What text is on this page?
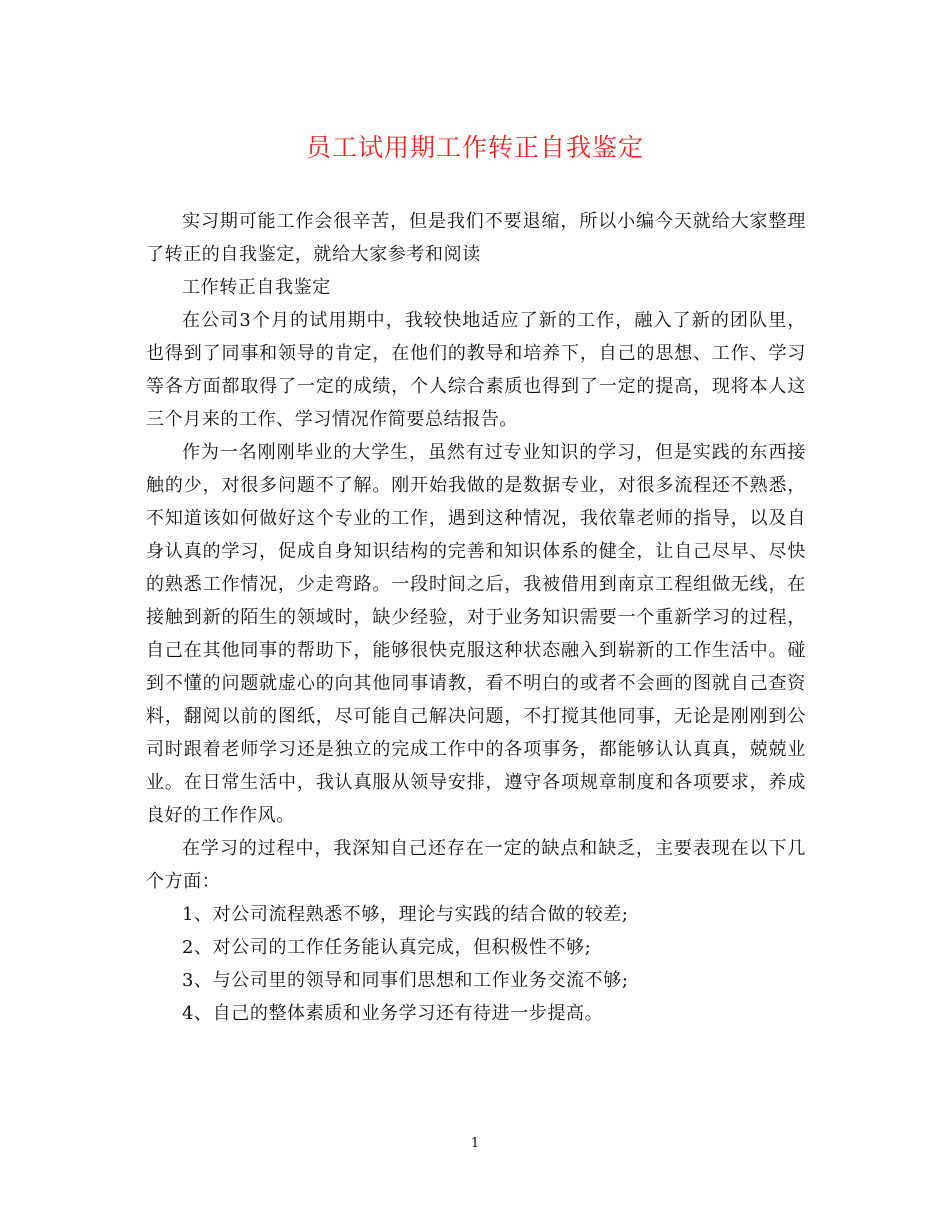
员工试用期工作转正自我鉴定

实习期可能工作会很辛苦，但是我们不要退缩，所以小编今天就给大家整理了转正的自我鉴定，就给大家参考和阅读

工作转正自我鉴定

在公司3个月的试用期中，我较快地适应了新的工作，融入了新的团队里，也得到了同事和领导的肯定，在他们的教导和培养下，自己的思想、工作、学习等各方面都取得了一定的成绩，个人综合素质也得到了一定的提高，现将本人这三个月来的工作、学习情况作简要总结报告。

作为一名刚刚毕业的大学生，虽然有过专业知识的学习，但是实践的东西接触的少，对很多问题不了解。刚开始我做的是数据专业，对很多流程还不熟悉，不知道该如何做好这个专业的工作，遇到这种情况，我依靠老师的指导，以及自身认真的学习，促成自身知识结构的完善和知识体系的健全，让自己尽早、尽快的熟悉工作情况，少走弯路。一段时间之后，我被借用到南京工程组做无线，在接触到新的陌生的领域时，缺少经验，对于业务知识需要一个重新学习的过程，自己在其他同事的帮助下，能够很快克服这种状态融入到崭新的工作生活中。碰到不懂的问题就虚心的向其他同事请教，看不明白的或者不会画的图就自己查资料，翻阅以前的图纸，尽可能自己解决问题，不打搅其他同事，无论是刚刚到公司时跟着老师学习还是独立的完成工作中的各项事务，都能够认认真真，兢兢业业。在日常生活中，我认真服从领导安排，遵守各项规章制度和各项要求，养成良好的工作作风。

在学习的过程中，我深知自己还存在一定的缺点和缺乏，主要表现在以下几个方面：

1、对公司流程熟悉不够，理论与实践的结合做的较差;

2、对公司的工作任务能认真完成，但积极性不够;

3、与公司里的领导和同事们思想和工作业务交流不够;

4、自己的整体素质和业务学习还有待进一步提高。

1
